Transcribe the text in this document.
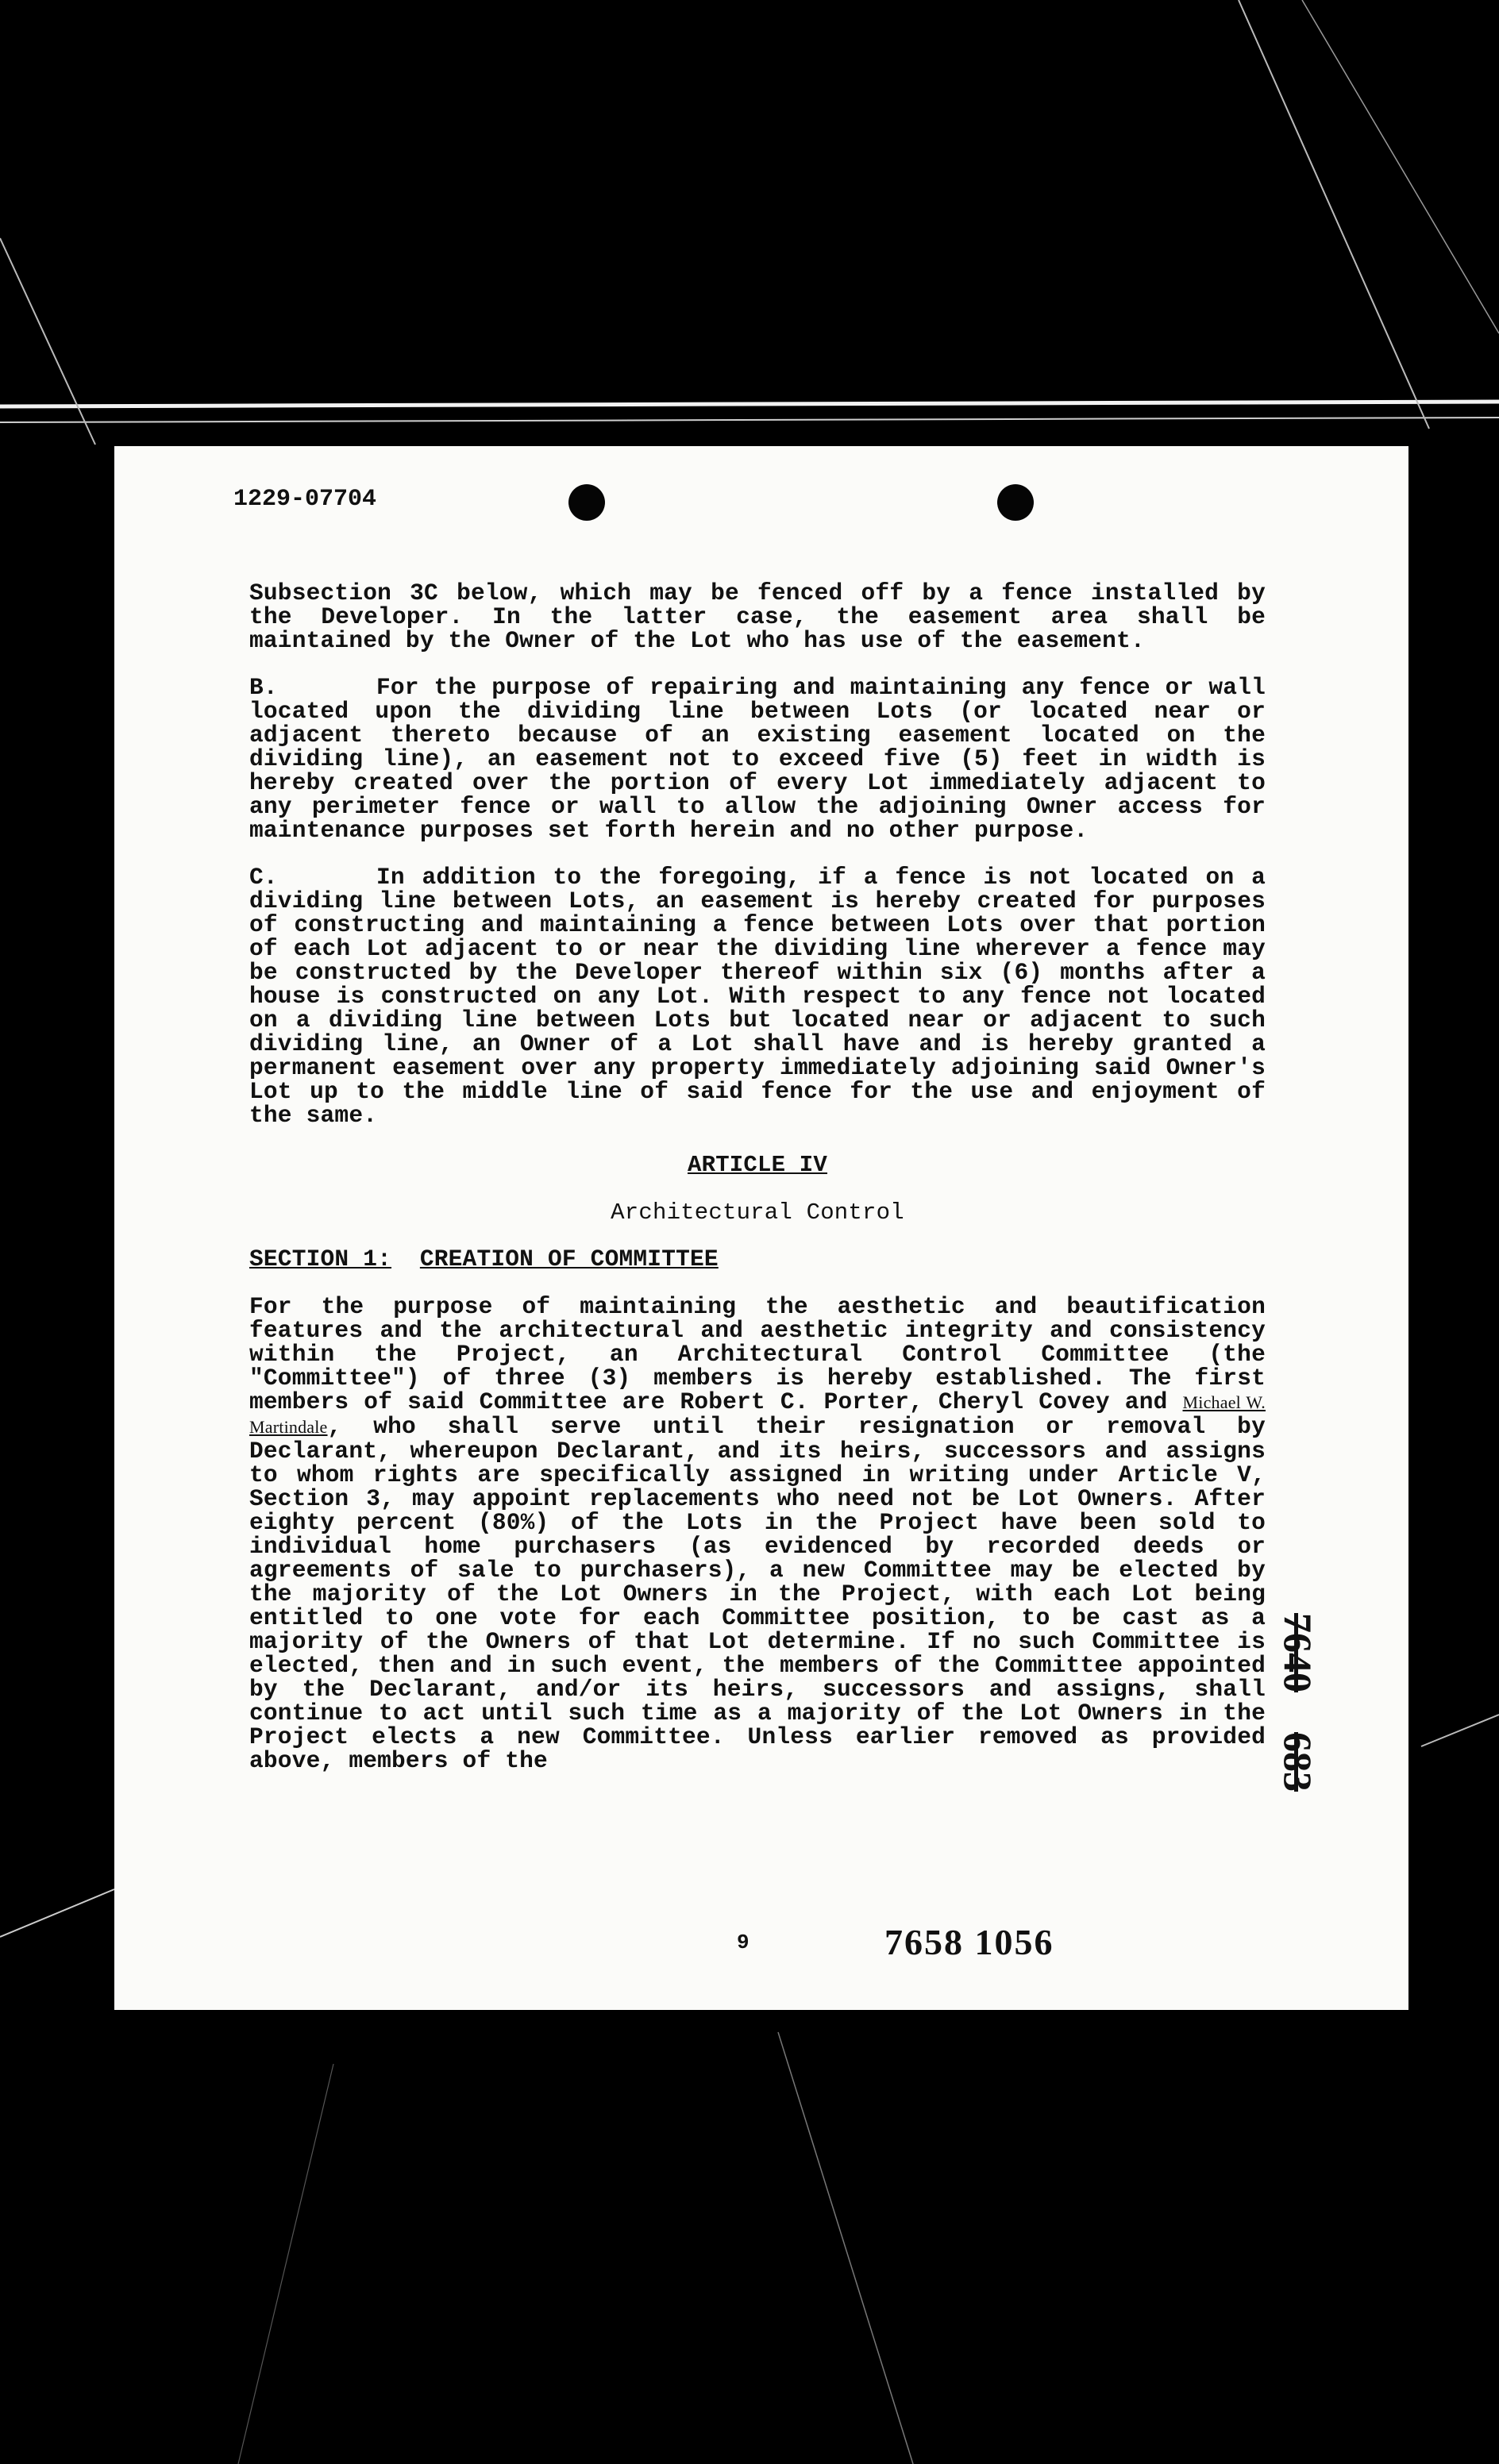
1229-07704

Subsection 3C below, which may be fenced off by a fence installed by the Developer. In the latter case, the easement area shall be maintained by the Owner of the Lot who has use of the easement.

B.	For the purpose of repairing and maintaining any fence or wall located upon the dividing line between Lots (or located near or adjacent thereto because of an existing easement located on the dividing line), an easement not to exceed five (5) feet in width is hereby created over the portion of every Lot immediately adjacent to any perimeter fence or wall to allow the adjoining Owner access for maintenance purposes set forth herein and no other purpose.

C.	In addition to the foregoing, if a fence is not located on a dividing line between Lots, an easement is hereby created for purposes of constructing and maintaining a fence between Lots over that portion of each Lot adjacent to or near the dividing line wherever a fence may be constructed by the Developer thereof within six (6) months after a house is constructed on any Lot. With respect to any fence not located on a dividing line between Lots but located near or adjacent to such dividing line, an Owner of a Lot shall have and is hereby granted a permanent easement over any property immediately adjoining said Owner's Lot up to the middle line of said fence for the use and enjoyment of the same.

ARTICLE IV
Architectural Control
SECTION 1: CREATION OF COMMITTEE

For the purpose of maintaining the aesthetic and beautification features and the architectural and aesthetic integrity and consistency within the Project, an Architectural Control Committee (the "Committee") of three (3) members is hereby established. The first members of said Committee are Robert C. Porter, Cheryl Covey and Michael W. Martindale, who shall serve until their resignation or removal by Declarant, whereupon Declarant, and its heirs, successors and assigns to whom rights are specifically assigned in writing under Article V, Section 3, may appoint replacements who need not be Lot Owners. After eighty percent (80%) of the Lots in the Project have been sold to individual home purchasers (as evidenced by recorded deeds or agreements of sale to purchasers), a new Committee may be elected by the majority of the Lot Owners in the Project, with each Lot being entitled to one vote for each Committee position, to be cast as a majority of the Owners of that Lot determine. If no such Committee is elected, then and in such event, the members of the Committee appointed by the Declarant, and/or its heirs, successors and assigns, shall continue to act until such time as a majority of the Lot Owners in the Project elects a new Committee. Unless earlier removed as provided above, members of the

9	7658 1056
7640    683
